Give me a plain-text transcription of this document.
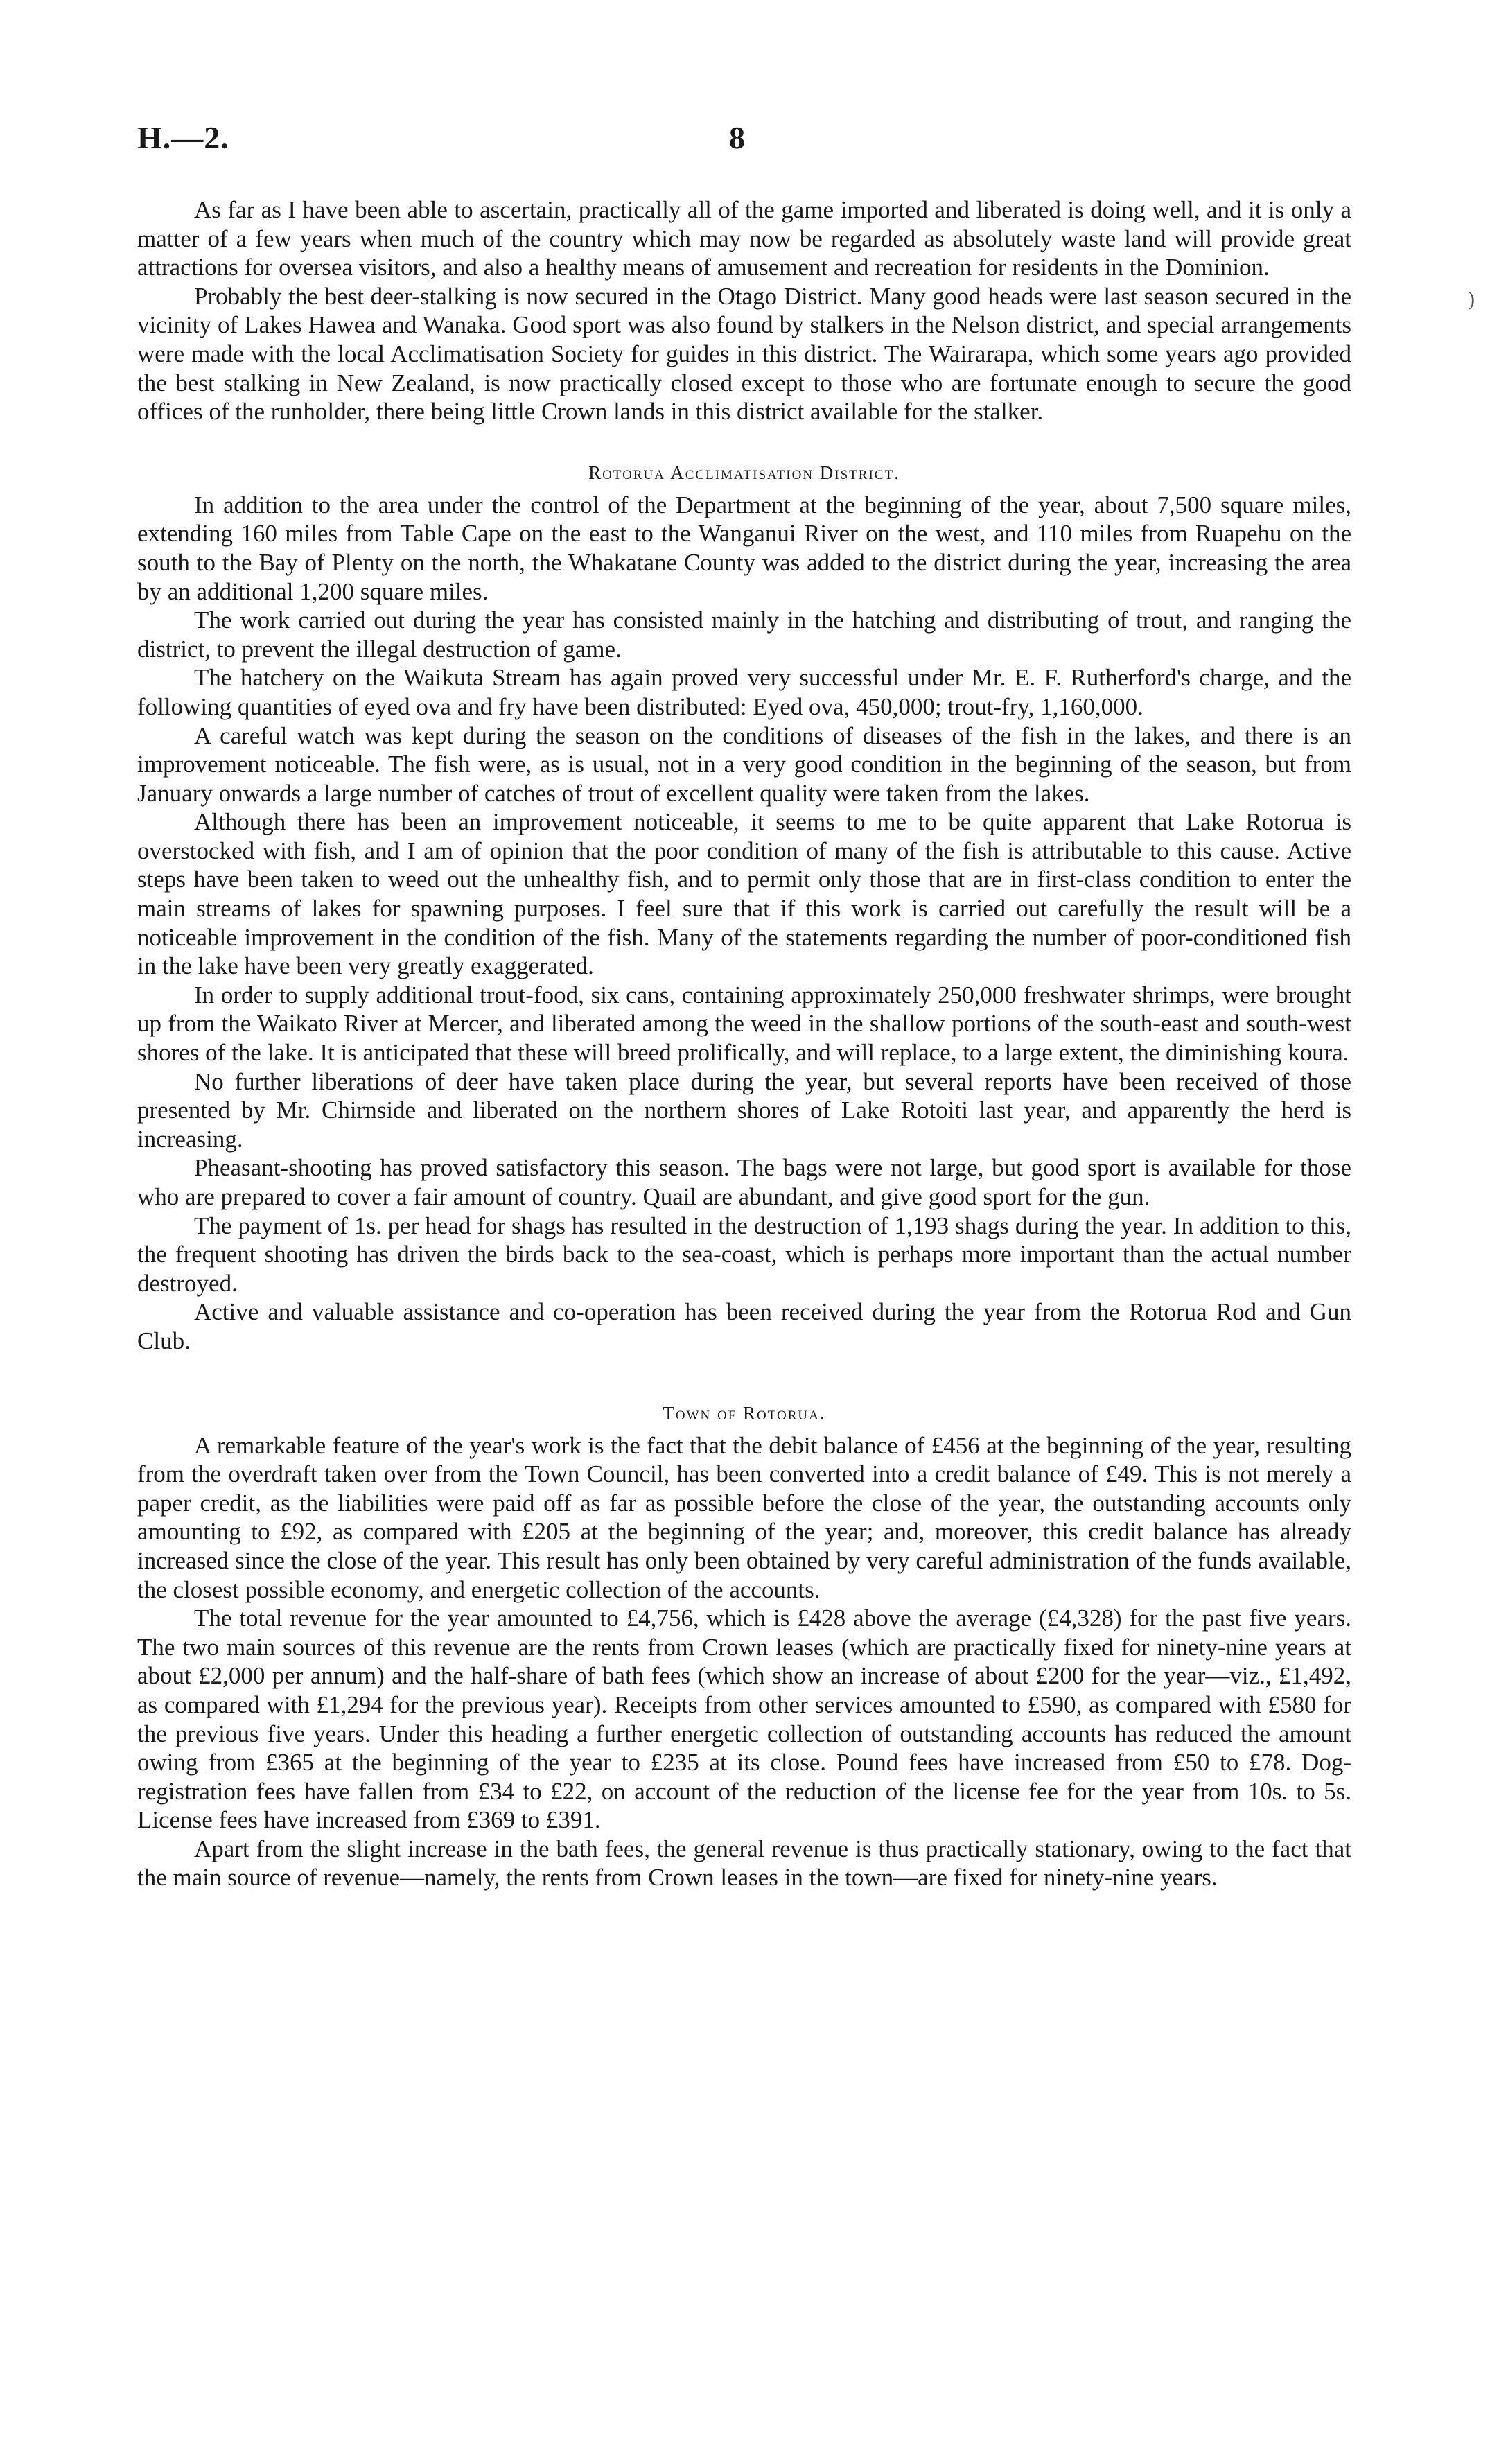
H.—2.	8
)

As far as I have been able to ascertain, practically all of the game imported and liberated is doing well, and it is only a matter of a few years when much of the country which may now be regarded as absolutely waste land will provide great attractions for oversea visitors, and also a healthy means of amusement and recreation for residents in the Dominion.

Probably the best deer-stalking is now secured in the Otago District. Many good heads were last season secured in the vicinity of Lakes Hawea and Wanaka. Good sport was also found by stalkers in the Nelson district, and special arrangements were made with the local Acclimatisation Society for guides in this district. The Wairarapa, which some years ago provided the best stalking in New Zealand, is now practically closed except to those who are fortunate enough to secure the good offices of the runholder, there being little Crown lands in this district available for the stalker.

Rotorua Acclimatisation District.

In addition to the area under the control of the Department at the beginning of the year, about 7,500 square miles, extending 160 miles from Table Cape on the east to the Wanganui River on the west, and 110 miles from Ruapehu on the south to the Bay of Plenty on the north, the Whakatane County was added to the district during the year, increasing the area by an additional 1,200 square miles.

The work carried out during the year has consisted mainly in the hatching and distributing of trout, and ranging the district, to prevent the illegal destruction of game.

The hatchery on the Waikuta Stream has again proved very successful under Mr. E. F. Rutherford's charge, and the following quantities of eyed ova and fry have been distributed: Eyed ova, 450,000; trout-fry, 1,160,000.

A careful watch was kept during the season on the conditions of diseases of the fish in the lakes, and there is an improvement noticeable. The fish were, as is usual, not in a very good condition in the beginning of the season, but from January onwards a large number of catches of trout of excellent quality were taken from the lakes.

Although there has been an improvement noticeable, it seems to me to be quite apparent that Lake Rotorua is overstocked with fish, and I am of opinion that the poor condition of many of the fish is attributable to this cause. Active steps have been taken to weed out the unhealthy fish, and to permit only those that are in first-class condition to enter the main streams of lakes for spawning purposes. I feel sure that if this work is carried out carefully the result will be a noticeable improvement in the condition of the fish. Many of the statements regarding the number of poor-conditioned fish in the lake have been very greatly exaggerated.

In order to supply additional trout-food, six cans, containing approximately 250,000 freshwater shrimps, were brought up from the Waikato River at Mercer, and liberated among the weed in the shallow portions of the south-east and south-west shores of the lake. It is anticipated that these will breed prolifically, and will replace, to a large extent, the diminishing koura.

No further liberations of deer have taken place during the year, but several reports have been received of those presented by Mr. Chirnside and liberated on the northern shores of Lake Rotoiti last year, and apparently the herd is increasing.

Pheasant-shooting has proved satisfactory this season. The bags were not large, but good sport is available for those who are prepared to cover a fair amount of country. Quail are abundant, and give good sport for the gun.

The payment of 1s. per head for shags has resulted in the destruction of 1,193 shags during the year. In addition to this, the frequent shooting has driven the birds back to the sea-coast, which is perhaps more important than the actual number destroyed.

Active and valuable assistance and co-operation has been received during the year from the Rotorua Rod and Gun Club.

Town of Rotorua.

A remarkable feature of the year's work is the fact that the debit balance of £456 at the beginning of the year, resulting from the overdraft taken over from the Town Council, has been converted into a credit balance of £49. This is not merely a paper credit, as the liabilities were paid off as far as possible before the close of the year, the outstanding accounts only amounting to £92, as compared with £205 at the beginning of the year; and, moreover, this credit balance has already increased since the close of the year. This result has only been obtained by very careful administration of the funds available, the closest possible economy, and energetic collection of the accounts.

The total revenue for the year amounted to £4,756, which is £428 above the average (£4,328) for the past five years. The two main sources of this revenue are the rents from Crown leases (which are practically fixed for ninety-nine years at about £2,000 per annum) and the half-share of bath fees (which show an increase of about £200 for the year—viz., £1,492, as compared with £1,294 for the previous year). Receipts from other services amounted to £590, as compared with £580 for the previous five years. Under this heading a further energetic collection of outstanding accounts has reduced the amount owing from £365 at the beginning of the year to £235 at its close. Pound fees have increased from £50 to £78. Dog-registration fees have fallen from £34 to £22, on account of the reduction of the license fee for the year from 10s. to 5s. License fees have increased from £369 to £391.

Apart from the slight increase in the bath fees, the general revenue is thus practically stationary, owing to the fact that the main source of revenue—namely, the rents from Crown leases in the town—are fixed for ninety-nine years.
